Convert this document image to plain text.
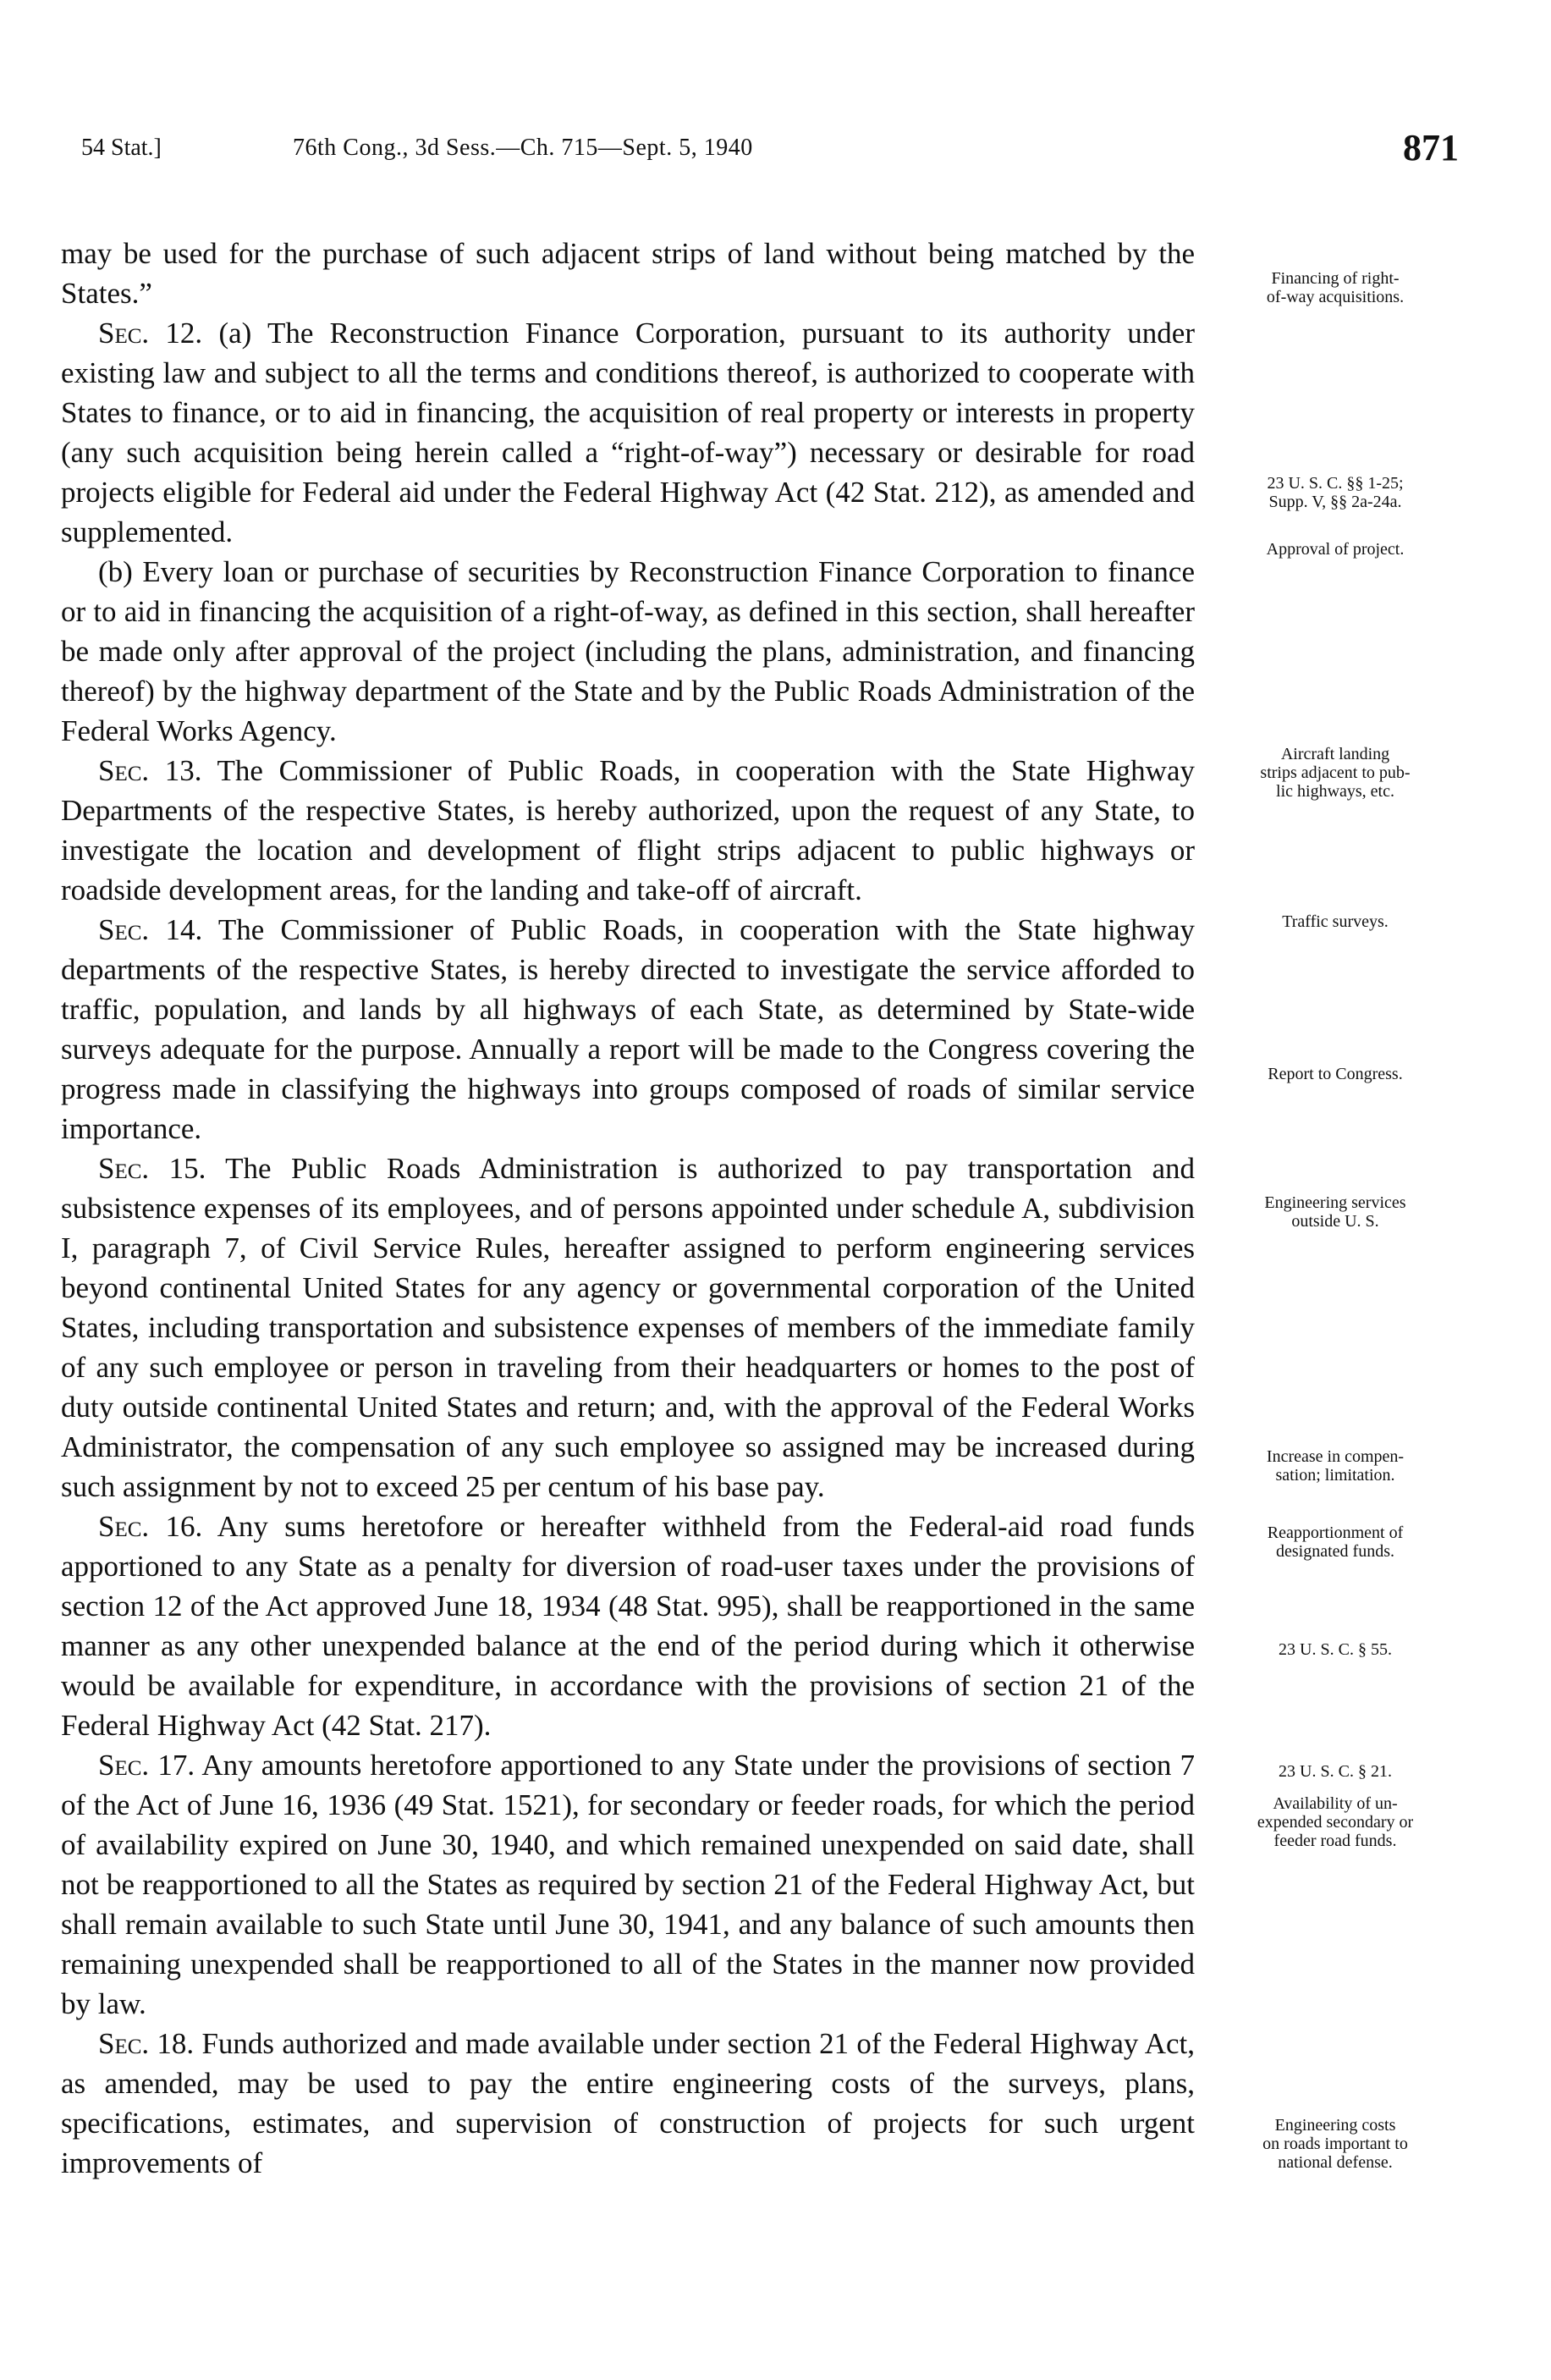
54 Stat.]	76th Cong., 3d Sess.—Ch. 715—Sept. 5, 1940	871

may be used for the purchase of such adjacent strips of land without being matched by the States.”

Sec. 12. (a) The Reconstruction Finance Corporation, pursuant to its authority under existing law and subject to all the terms and conditions thereof, is authorized to cooperate with States to finance, or to aid in financing, the acquisition of real property or interests in property (any such acquisition being herein called a “right-of-way”) necessary or desirable for road projects eligible for Federal aid under the Federal Highway Act (42 Stat. 212), as amended and supplemented.

(b) Every loan or purchase of securities by Reconstruction Finance Corporation to finance or to aid in financing the acquisition of a right-of-way, as defined in this section, shall hereafter be made only after approval of the project (including the plans, administration, and financing thereof) by the highway department of the State and by the Public Roads Administration of the Federal Works Agency.

Sec. 13. The Commissioner of Public Roads, in cooperation with the State Highway Departments of the respective States, is hereby authorized, upon the request of any State, to investigate the location and development of flight strips adjacent to public highways or roadside development areas, for the landing and take-off of aircraft.

Sec. 14. The Commissioner of Public Roads, in cooperation with the State highway departments of the respective States, is hereby directed to investigate the service afforded to traffic, population, and lands by all highways of each State, as determined by State-wide surveys adequate for the purpose. Annually a report will be made to the Congress covering the progress made in classifying the highways into groups composed of roads of similar service importance.

Sec. 15. The Public Roads Administration is authorized to pay transportation and subsistence expenses of its employees, and of persons appointed under schedule A, subdivision I, paragraph 7, of Civil Service Rules, hereafter assigned to perform engineering services beyond continental United States for any agency or governmental corporation of the United States, including transportation and subsistence expenses of members of the immediate family of any such employee or person in traveling from their headquarters or homes to the post of duty outside continental United States and return; and, with the approval of the Federal Works Administrator, the compensation of any such employee so assigned may be increased during such assignment by not to exceed 25 per centum of his base pay.

Sec. 16. Any sums heretofore or hereafter withheld from the Federal-aid road funds apportioned to any State as a penalty for diversion of road-user taxes under the provisions of section 12 of the Act approved June 18, 1934 (48 Stat. 995), shall be reapportioned in the same manner as any other unexpended balance at the end of the period during which it otherwise would be available for expenditure, in accordance with the provisions of section 21 of the Federal Highway Act (42 Stat. 217).

Sec. 17. Any amounts heretofore apportioned to any State under the provisions of section 7 of the Act of June 16, 1936 (49 Stat. 1521), for secondary or feeder roads, for which the period of availability expired on June 30, 1940, and which remained unexpended on said date, shall not be reapportioned to all the States as required by section 21 of the Federal Highway Act, but shall remain available to such State until June 30, 1941, and any balance of such amounts then remaining unexpended shall be reapportioned to all of the States in the manner now provided by law.

Sec. 18. Funds authorized and made available under section 21 of the Federal Highway Act, as amended, may be used to pay the entire engineering costs of the surveys, plans, specifications, estimates, and supervision of construction of projects for such urgent improvements of

Financing of right-
of-way acquisitions.
23 U. S. C. §§ 1-25;
Supp. V, §§ 2a-24a.
Approval of project.
Aircraft landing
strips adjacent to pub-
lic highways, etc.
Traffic surveys.
Report to Congress.
Engineering services
outside U. S.
Increase in compen-
sation; limitation.
Reapportionment of
designated funds.
23 U. S. C. § 55.
23 U. S. C. § 21.
Availability of un-
expended secondary or
feeder road funds.
Engineering costs
on roads important to
national defense.
